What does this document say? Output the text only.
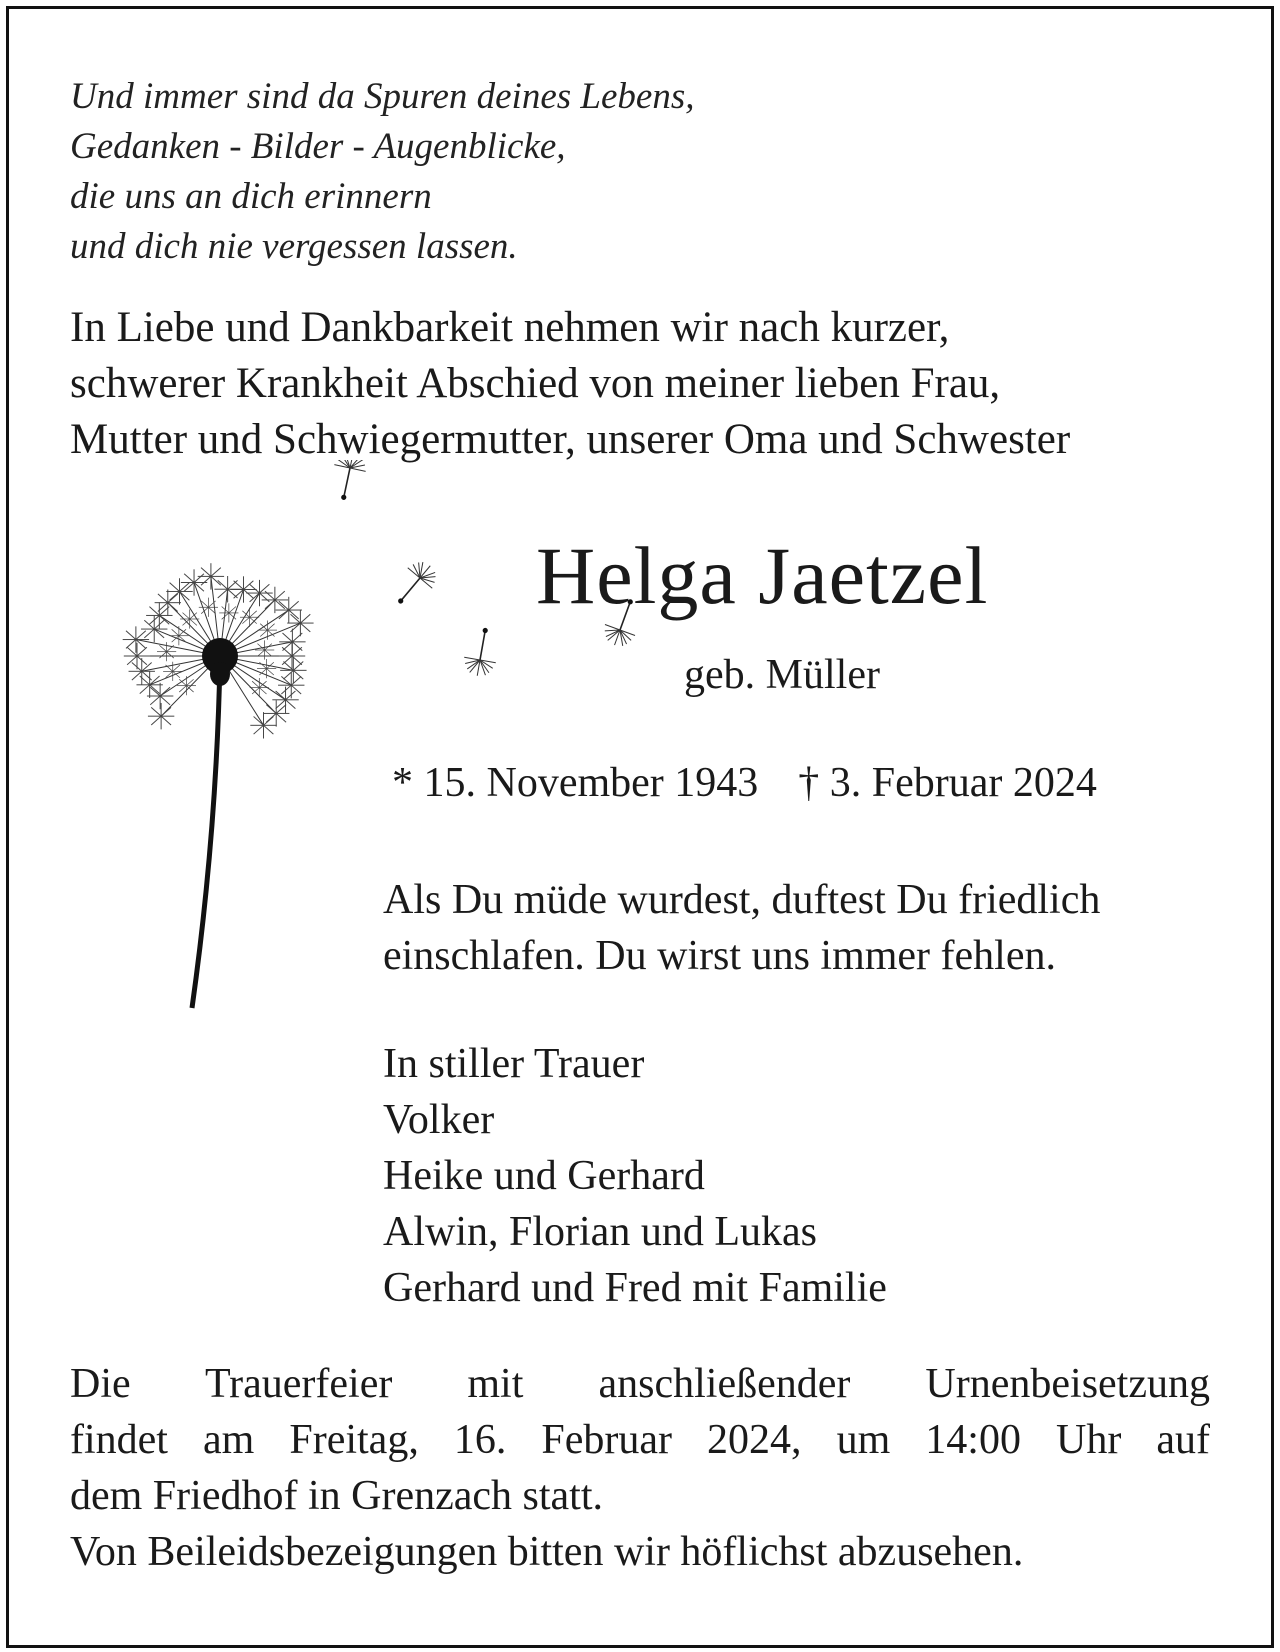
Und immer sind da Spuren deines Lebens,
Gedanken - Bilder - Augenblicke,
die uns an dich erinnern
und dich nie vergessen lassen.
In Liebe und Dankbarkeit nehmen wir nach kurzer,
schwerer Krankheit Abschied von meiner lieben Frau,
Mutter und Schwiegermutter, unserer Oma und Schwester
Helga Jaetzel
geb. Müller
* 15. November 1943 † 3. Februar 2024
Als Du müde wurdest, duftest Du friedlich
einschlafen. Du wirst uns immer fehlen.
In stiller Trauer
Volker
Heike und Gerhard
Alwin, Florian und Lukas
Gerhard und Fred mit Familie
Die Trauerfeier mit anschließender Urnenbeisetzung
findet am Freitag, 16. Februar 2024, um 14:00 Uhr auf
dem Friedhof in Grenzach statt.
Von Beileidsbezeigungen bitten wir höflichst abzusehen.
